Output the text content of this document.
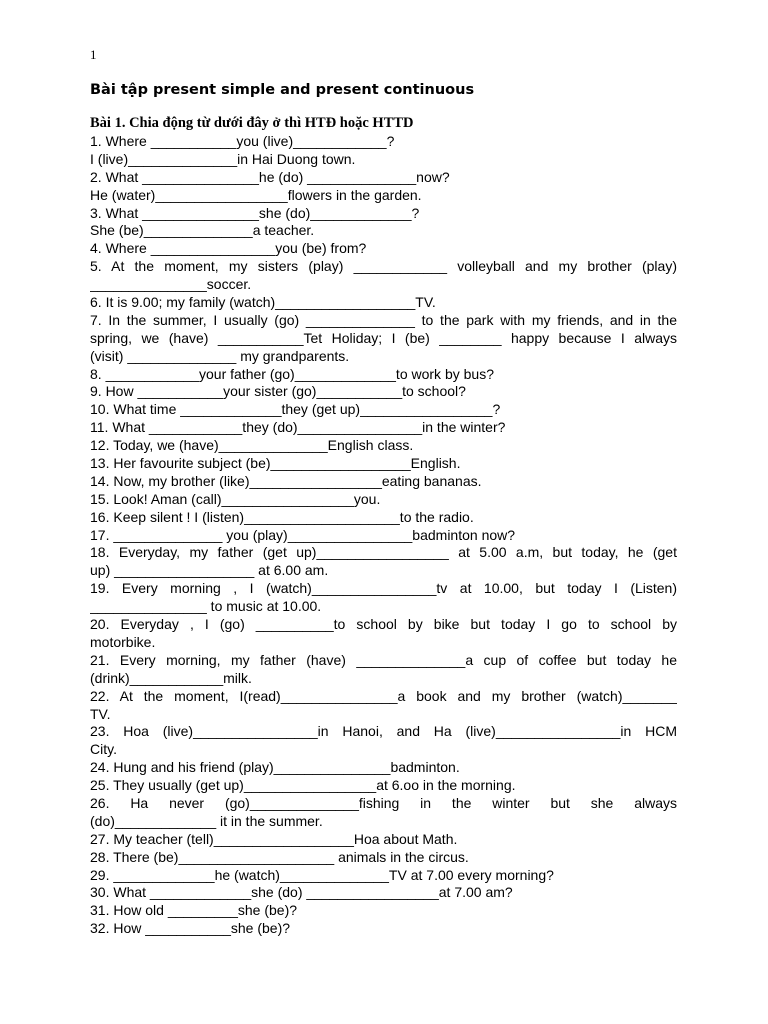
1
Bài tập present simple and present continuous
Bài 1. Chia động từ dưới đây ở thì HTĐ hoặc HTTD
1. Where ___________you (live)____________?
I (live)______________in Hai Duong town.
2. What _______________he (do) ______________now?
He (water)_________________flowers in the garden.
3. What _______________she (do)_____________?
She (be)______________a teacher.
4. Where ________________you (be) from?
5. At the moment, my sisters (play) ____________ volleyball and my brother (play)
_______________soccer.
6. It is 9.00; my family (watch)__________________TV.
7. In the summer, I usually (go) ______________ to the park with my friends, and in the
spring, we (have) ___________Tet Holiday; I (be) ________ happy because I always
(visit) ______________ my grandparents.
8. ____________your father (go)_____________to work by bus?
9. How ___________your sister (go)___________to school?
10. What time _____________they (get up)_________________?
11. What ____________they (do)________________in the winter?
12. Today, we (have)______________English class.
13. Her favourite subject (be)__________________English.
14. Now, my brother (like)_________________eating bananas.
15. Look! Aman (call)_________________you.
16. Keep silent ! I (listen)____________________to the radio.
17. ______________ you (play)________________badminton now?
18. Everyday, my father (get up)_________________ at 5.00 a.m, but today, he (get
up) __________________ at 6.00 am.
19. Every morning , I (watch)________________tv at 10.00, but today I (Listen)
_______________ to music at 10.00.
20. Everyday , I (go) __________to school by bike but today I go to school by
motorbike.
21. Every morning, my father (have) ______________a cup of coffee but today he
(drink)____________milk.
22. At the moment, I(read)_______________a book and my brother (watch)_______
TV.
23. Hoa (live)________________in Hanoi, and Ha (live)________________in HCM
City.
24. Hung and his friend (play)_______________badminton.
25. They usually (get up)_________________at 6.oo in the morning.
26. Ha never (go)______________fishing in the winter but she always
(do)_____________ it in the summer.
27. My teacher (tell)__________________Hoa about Math.
28. There (be)____________________ animals in the circus.
29. _____________he (watch)______________TV at 7.00 every morning?
30. What _____________she (do) _________________at 7.00 am?
31. How old _________she (be)?
32. How ___________she (be)?
